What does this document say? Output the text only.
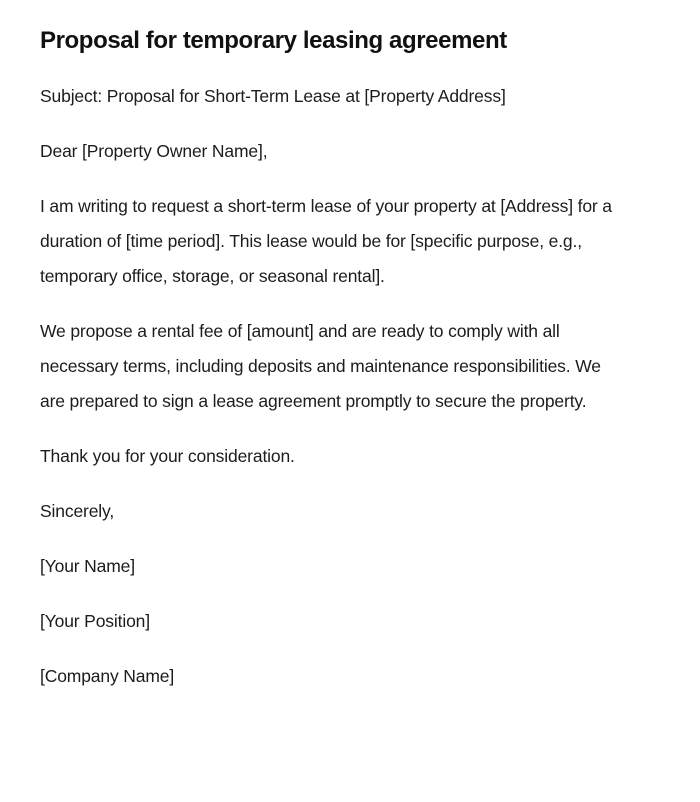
Proposal for temporary leasing agreement

Subject: Proposal for Short-Term Lease at [Property Address]

Dear [Property Owner Name],

I am writing to request a short-term lease of your property at [Address] for a duration of [time period]. This lease would be for [specific purpose, e.g., temporary office, storage, or seasonal rental].

We propose a rental fee of [amount] and are ready to comply with all necessary terms, including deposits and maintenance responsibilities. We are prepared to sign a lease agreement promptly to secure the property.

Thank you for your consideration.

Sincerely,

[Your Name]

[Your Position]

[Company Name]
